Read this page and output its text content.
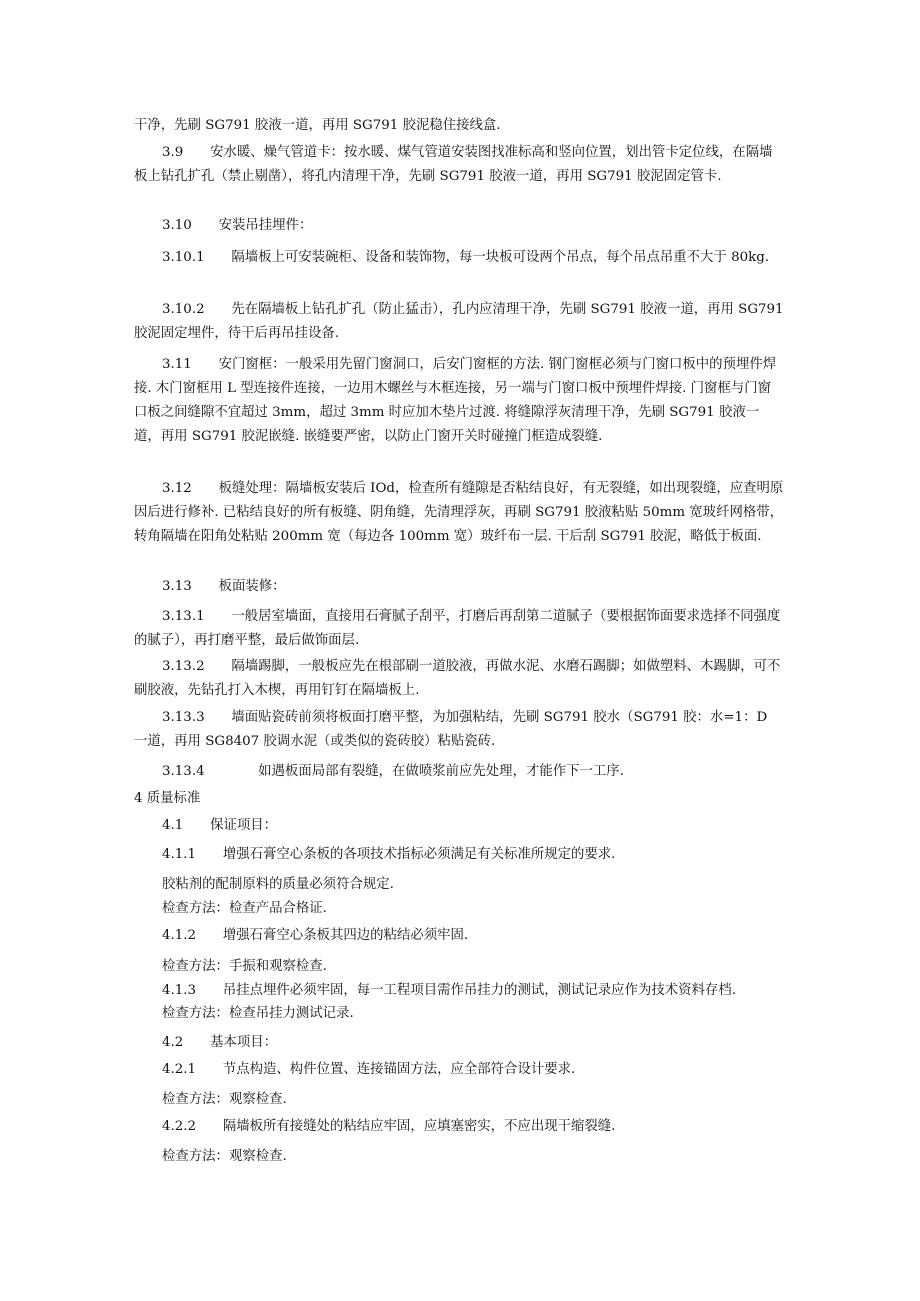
干净，先刷 SG791 胶液一道，再用 SG791 胶泥稳住接线盒.
3.9　　安水暖、燥气管道卡：按水暖、煤气管道安装图找准标高和竖向位置，划出管卡定位线，在隔墙板上钻孔扩孔（禁止剔凿），将孔内清理干净，先刷 SG791 胶液一道，再用 SG791 胶泥固定管卡.
3.10　　安装吊挂埋件：
3.10.1　　隔墙板上可安装碗柜、设备和装饰物，每一块板可设两个吊点，每个吊点吊重不大于 80kg.
3.10.2　　先在隔墙板上钻孔扩孔（防止猛击），孔内应清理干净，先刷 SG791 胶液一道，再用 SG791 胶泥固定埋件，待干后再吊挂设备.
3.11　　安门窗框：一般采用先留门窗洞口，后安门窗框的方法. 钢门窗框必须与门窗口板中的预埋件焊接. 木门窗框用 L 型连接件连接，一边用木螺丝与木框连接，另一端与门窗口板中预埋件焊接. 门窗框与门窗口板之间缝隙不宜超过 3mm，超过 3mm 时应加木垫片过渡. 将缝隙浮灰清理干净，先刷 SG791 胶液一道，再用 SG791 胶泥嵌缝. 嵌缝要严密，以防止门窗开关时碰撞门框造成裂缝.
3.12　　板缝处理：隔墙板安装后 IOd，检查所有缝隙是否粘结良好，有无裂缝，如出现裂缝，应查明原因后进行修补. 已粘结良好的所有板缝、阴角缝，先清理浮灰，再刷 SG791 胶液粘贴 50mm 宽玻纤网格带，转角隔墙在阳角处粘贴 200mm 宽（每边各 100mm 宽）玻纤布一层. 干后刮 SG791 胶泥，略低于板面.
3.13　　板面装修：
3.13.1　　一般居室墙面，直接用石膏腻子刮平，打磨后再刮第二道腻子（要根据饰面要求选择不同强度的腻子），再打磨平整，最后做饰面层.
3.13.2　　隔墙踢脚，一般板应先在根部刷一道胶液，再做水泥、水磨石踢脚；如做塑料、木踢脚，可不刷胶液，先钻孔打入木楔，再用钉钉在隔墙板上.
3.13.3　　墙面贴瓷砖前须将板面打磨平整，为加强粘结，先刷 SG791 胶水（SG791 胶：水=1：D 一道，再用 SG8407 胶调水泥（或类似的瓷砖胶）粘贴瓷砖.
3.13.4　　　　如遇板面局部有裂缝，在做喷浆前应先处理，才能作下一工序.
4 质量标准
4.1　　保证项目：
4.1.1　　增强石膏空心条板的各项技术指标必须满足有关标准所规定的要求.
胶粘剂的配制原料的质量必须符合规定.
检查方法：检查产品合格证.
4.1.2　　增强石膏空心条板其四边的粘结必须牢固.
检查方法：手振和观察检查.
4.1.3　　吊挂点埋件必须牢固，每一工程项目需作吊挂力的测试，测试记录应作为技术资料存档.
检查方法：检查吊挂力测试记录.
4.2　　基本项目：
4.2.1　　节点构造、构件位置、连接锚固方法，应全部符合设计要求.
检查方法：观察检查.
4.2.2　　隔墙板所有接缝处的粘结应牢固，应填塞密实，不应出现干缩裂缝.
检查方法：观察检查.
